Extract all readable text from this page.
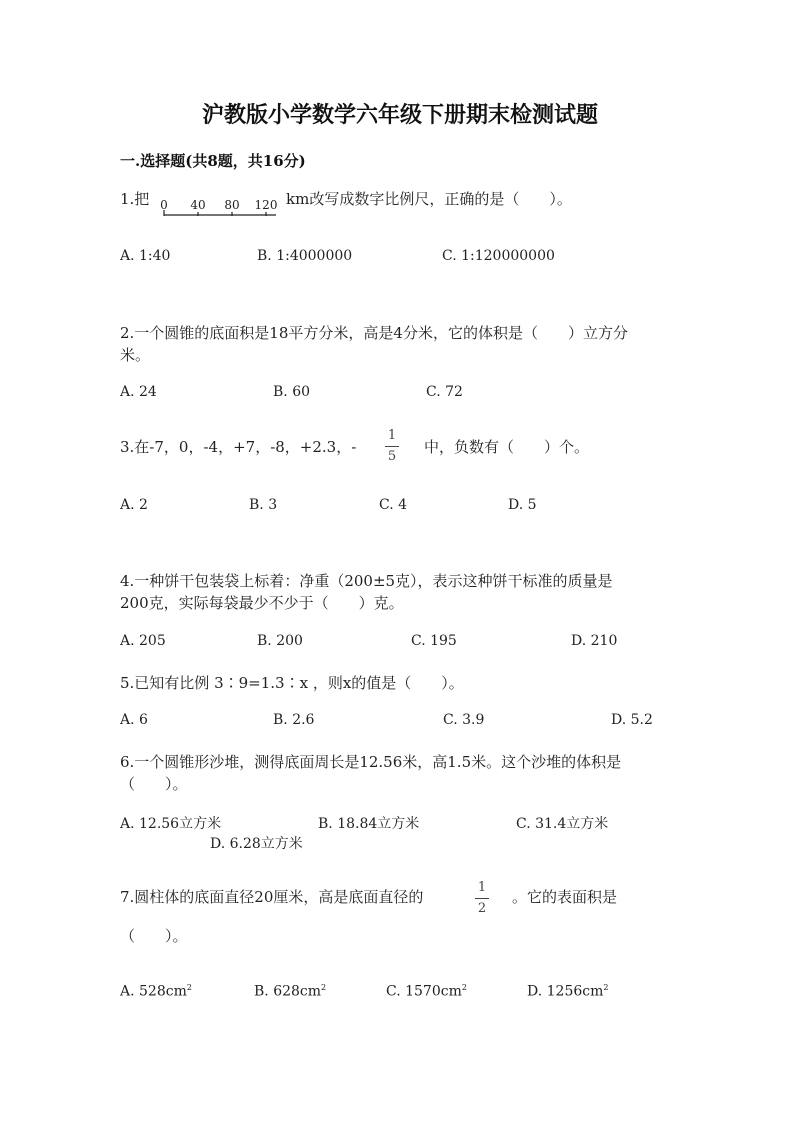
沪教版小学数学六年级下册期末检测试题
一.选择题(共8题，共16分)
1.把 0 40 80 120 km改写成数字比例尺，正确的是（　　）。
A. 1:40	B. 1:4000000	C. 1:120000000
2.一个圆锥的底面积是18平方分米，高是4分米，它的体积是（　　）立方分
米。
A. 24	B. 60	C. 72
3.在-7，0，-4，+7，-8，+2.3，-
1
5
中，负数有（　　）个。
A. 2	B. 3	C. 4	D. 5
4.一种饼干包装袋上标着：净重（200±5克），表示这种饼干标准的质量是
200克，实际每袋最少不少于（　　）克。
A. 205	B. 200	C. 195	D. 210
5.已知有比例 3∶9=1.3∶x ，则x的值是（　　）。
A. 6	B. 2.6	C. 3.9	D. 5.2
6.一个圆锥形沙堆，测得底面周长是12.56米，高1.5米。这个沙堆的体积是
（　　）。
A. 12.56立方米	B. 18.84立方米	C. 31.4立方米
D. 6.28立方米
7.圆柱体的底面直径20厘米，高是底面直径的
1
2
。它的表面积是
（　　）。
A. $528cm^2$	B. $628cm^2$	C. $1570cm^2$	D. $1256cm^2$
